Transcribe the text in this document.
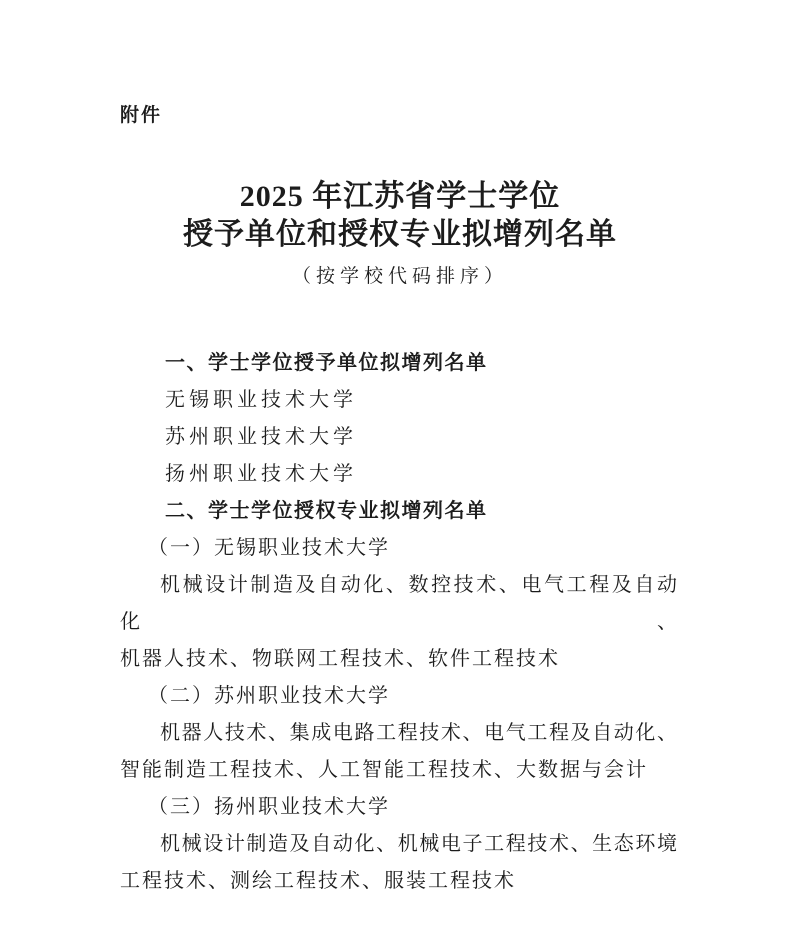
附件
2025 年江苏省学士学位
授予单位和授权专业拟增列名单
（按学校代码排序）
一、学士学位授予单位拟增列名单
无锡职业技术大学
苏州职业技术大学
扬州职业技术大学
二、学士学位授权专业拟增列名单
（一）无锡职业技术大学
机械设计制造及自动化、数控技术、电气工程及自动化、
机器人技术、物联网工程技术、软件工程技术
（二）苏州职业技术大学
机器人技术、集成电路工程技术、电气工程及自动化、
智能制造工程技术、人工智能工程技术、大数据与会计
（三）扬州职业技术大学
机械设计制造及自动化、机械电子工程技术、生态环境
工程技术、测绘工程技术、服装工程技术
